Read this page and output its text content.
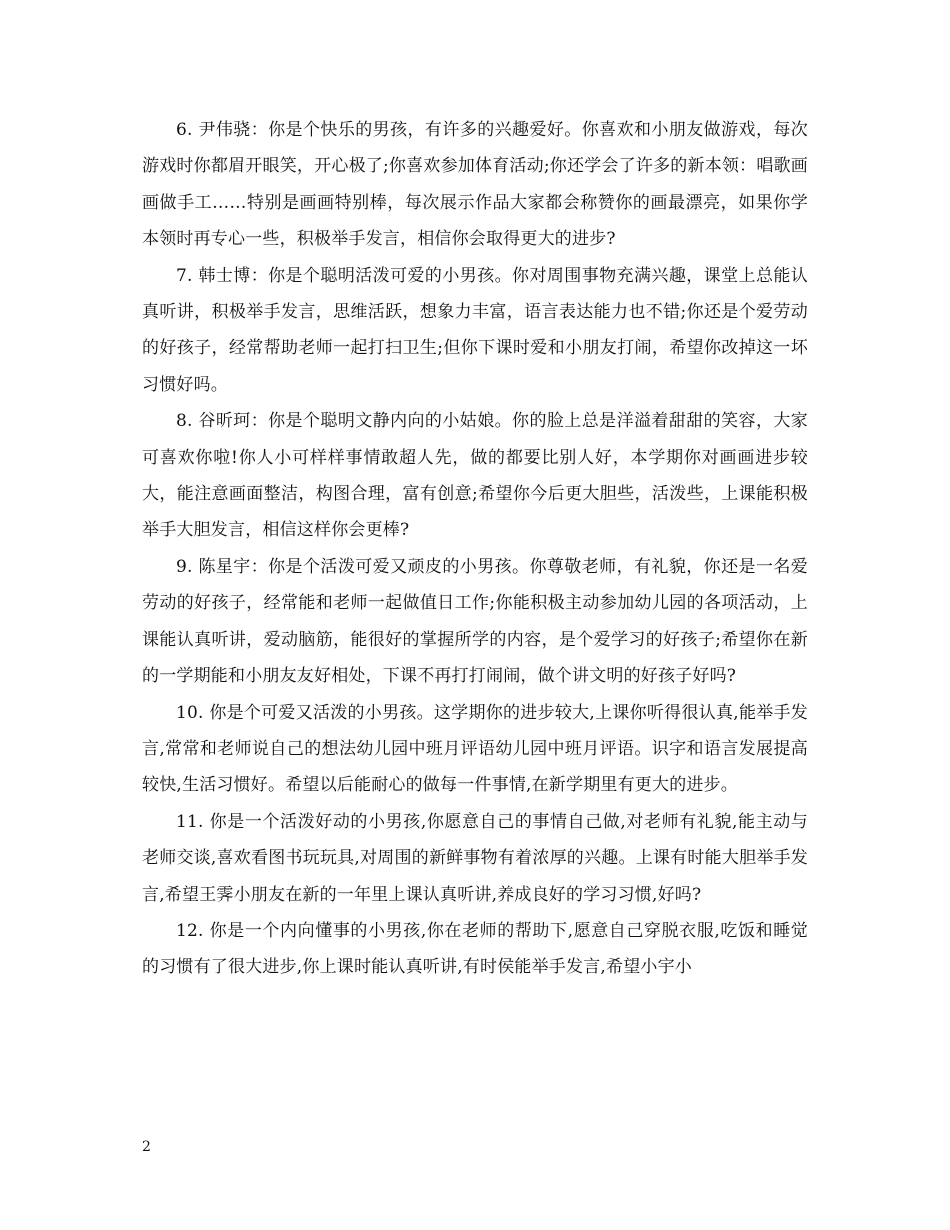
6. 尹伟骁：你是个快乐的男孩，有许多的兴趣爱好。你喜欢和小朋友做游戏，每次游戏时你都眉开眼笑，开心极了;你喜欢参加体育活动;你还学会了许多的新本领：唱歌画画做手工……特别是画画特别棒，每次展示作品大家都会称赞你的画最漂亮，如果你学本领时再专心一些，积极举手发言，相信你会取得更大的进步?

7. 韩士博：你是个聪明活泼可爱的小男孩。你对周围事物充满兴趣，课堂上总能认真听讲，积极举手发言，思维活跃，想象力丰富，语言表达能力也不错;你还是个爱劳动的好孩子，经常帮助老师一起打扫卫生;但你下课时爱和小朋友打闹，希望你改掉这一坏习惯好吗。

8. 谷昕珂：你是个聪明文静内向的小姑娘。你的脸上总是洋溢着甜甜的笑容，大家可喜欢你啦!你人小可样样事情敢超人先，做的都要比别人好，本学期你对画画进步较大，能注意画面整洁，构图合理，富有创意;希望你今后更大胆些，活泼些，上课能积极举手大胆发言，相信这样你会更棒?

9. 陈星宇：你是个活泼可爱又顽皮的小男孩。你尊敬老师，有礼貌，你还是一名爱劳动的好孩子，经常能和老师一起做值日工作;你能积极主动参加幼儿园的各项活动，上课能认真听讲，爱动脑筋，能很好的掌握所学的内容，是个爱学习的好孩子;希望你在新的一学期能和小朋友友好相处，下课不再打打闹闹，做个讲文明的好孩子好吗?

10. 你是个可爱又活泼的小男孩。这学期你的进步较大,上课你听得很认真,能举手发言,常常和老师说自己的想法幼儿园中班月评语幼儿园中班月评语。识字和语言发展提高较快,生活习惯好。希望以后能耐心的做每一件事情,在新学期里有更大的进步。

11. 你是一个活泼好动的小男孩,你愿意自己的事情自己做,对老师有礼貌,能主动与老师交谈,喜欢看图书玩玩具,对周围的新鲜事物有着浓厚的兴趣。上课有时能大胆举手发言,希望王霁小朋友在新的一年里上课认真听讲,养成良好的学习习惯,好吗?

12. 你是一个内向懂事的小男孩,你在老师的帮助下,愿意自己穿脱衣服,吃饭和睡觉的习惯有了很大进步,你上课时能认真听讲,有时侯能举手发言,希望小宇小

2
